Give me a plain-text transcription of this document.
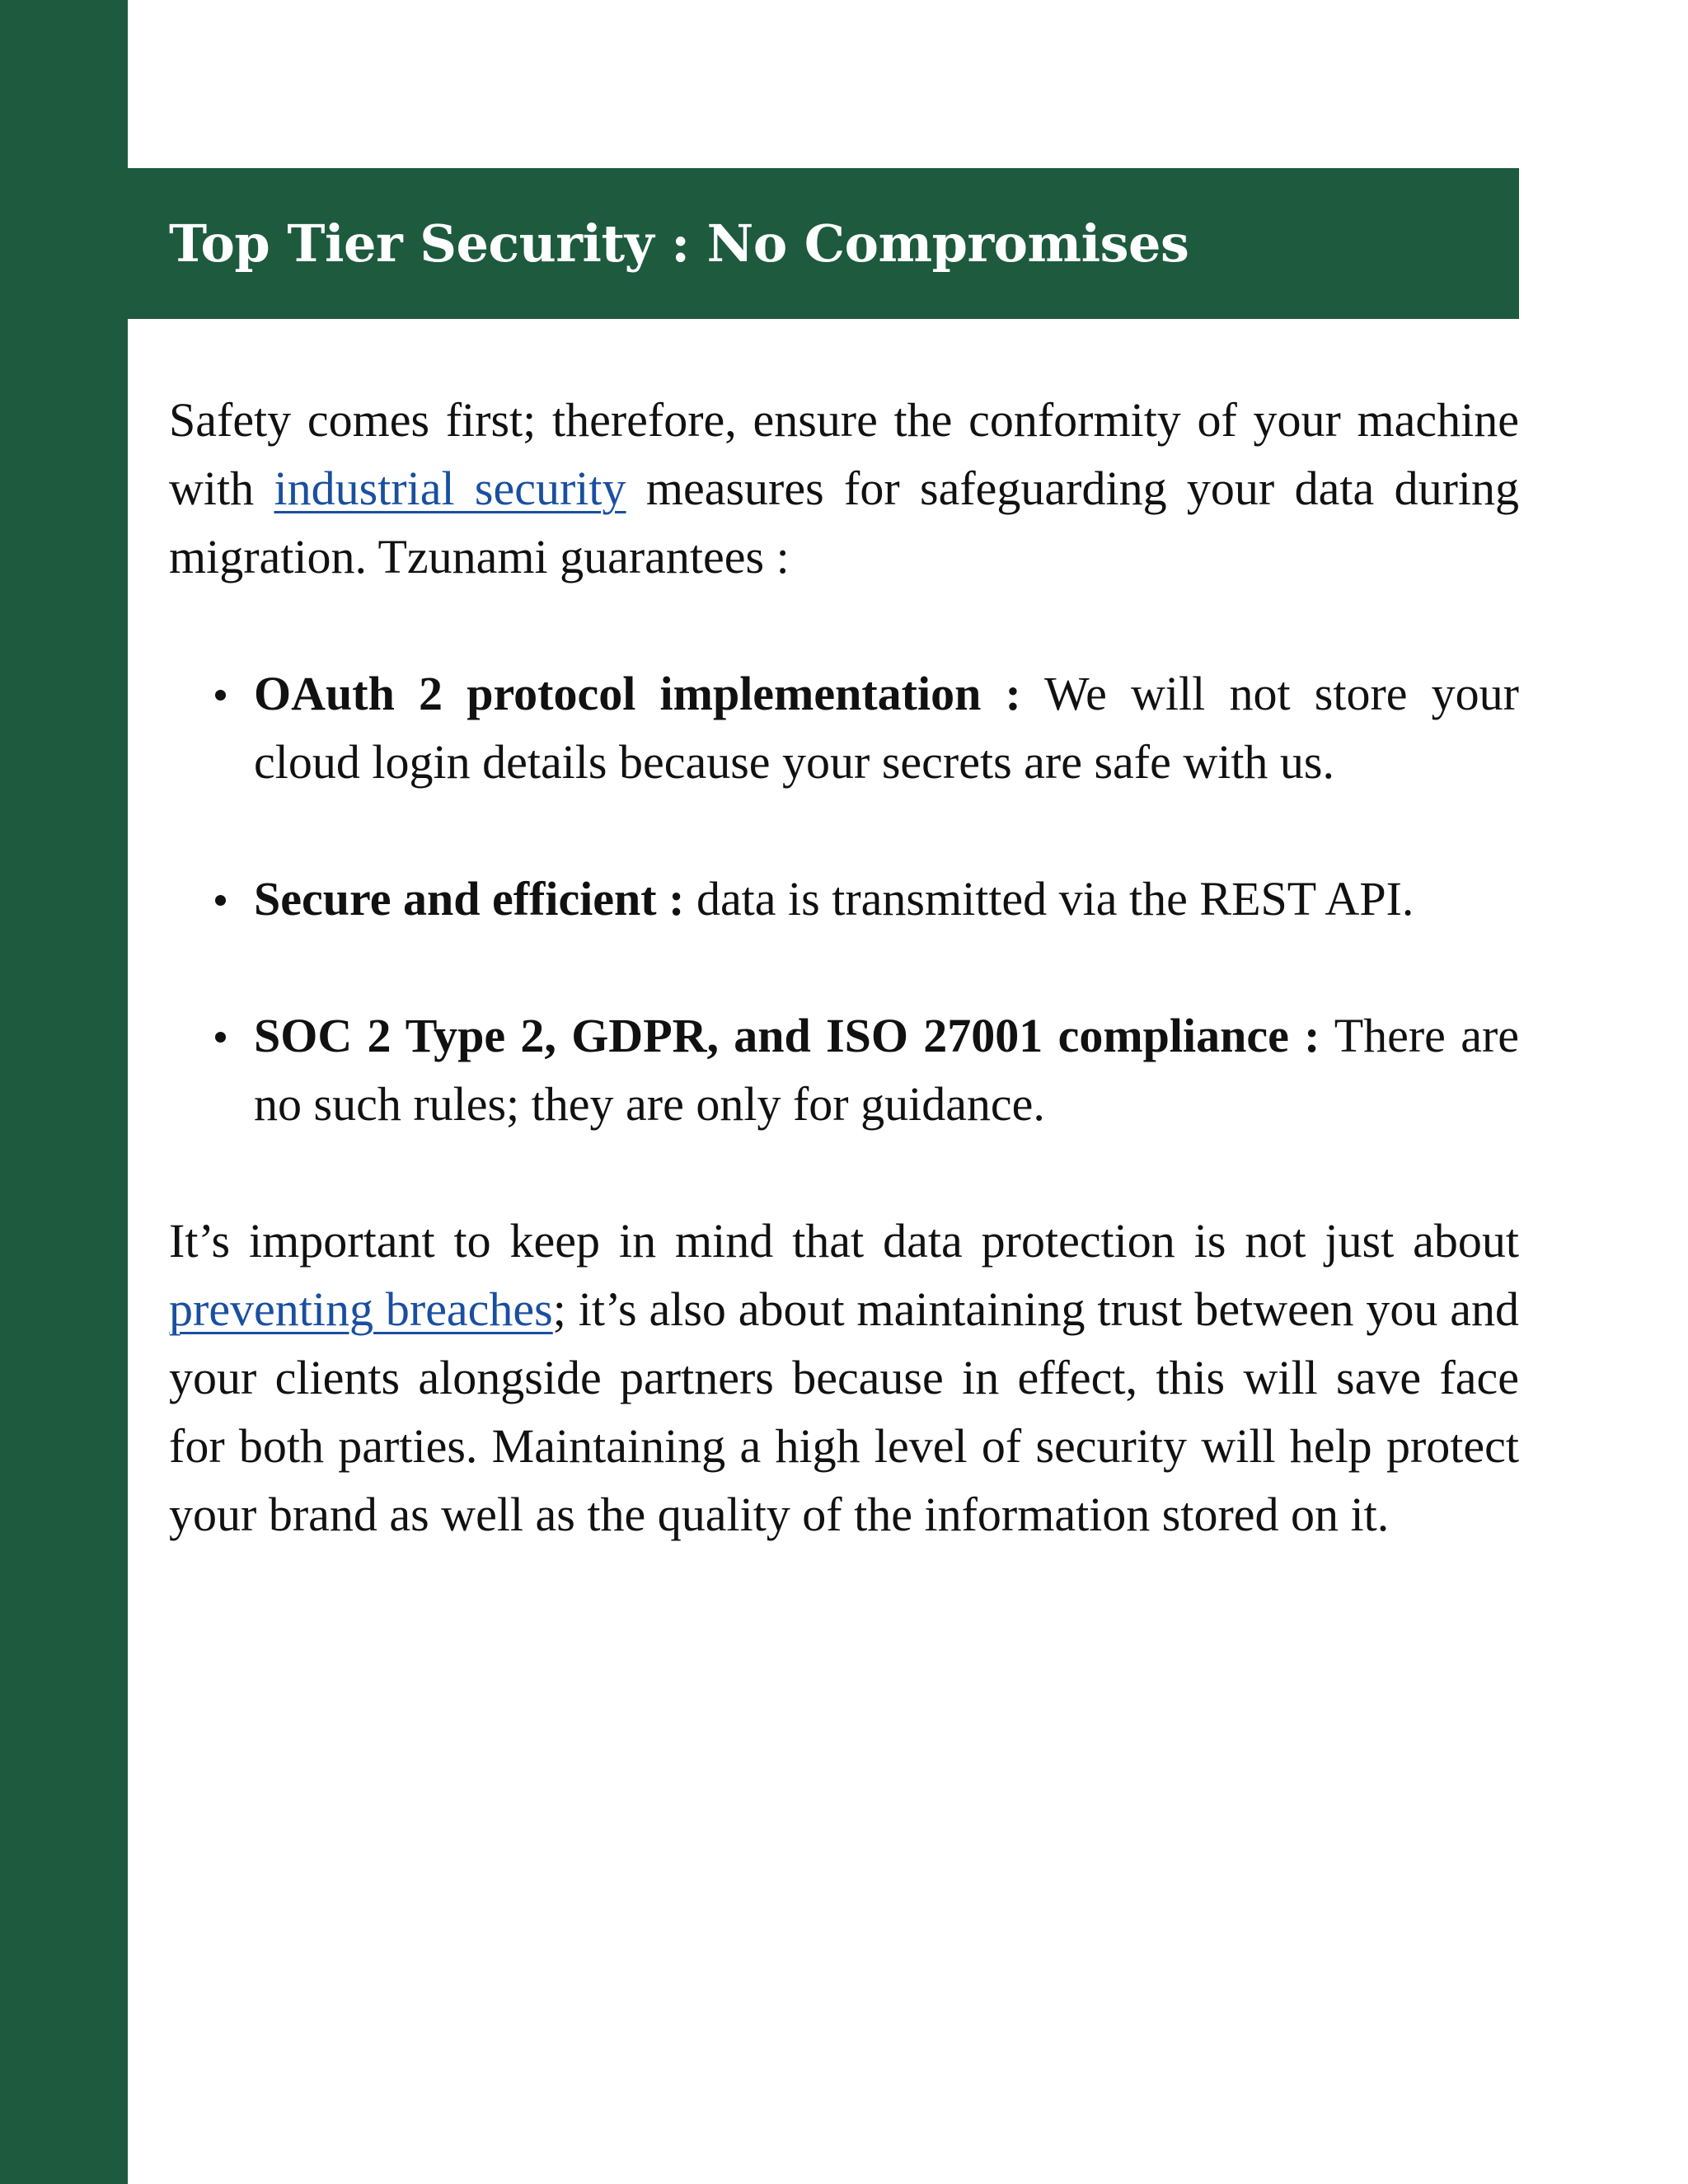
Top Tier Security : No Compromises

Safety comes first; therefore, ensure the conformity of your machine with industrial security measures for safeguarding your data during migration. Tzunami guarantees :

OAuth 2 protocol implementation : We will not store your cloud login details because your secrets are safe with us.
Secure and efficient : data is transmitted via the REST API.
SOC 2 Type 2, GDPR, and ISO 27001 compliance : There are no such rules; they are only for guidance.

It’s important to keep in mind that data protection is not just about preventing breaches; it’s also about maintaining trust between you and your clients alongside partners because in effect, this will save face for both parties. Maintaining a high level of security will help protect your brand as well as the quality of the information stored on it.
